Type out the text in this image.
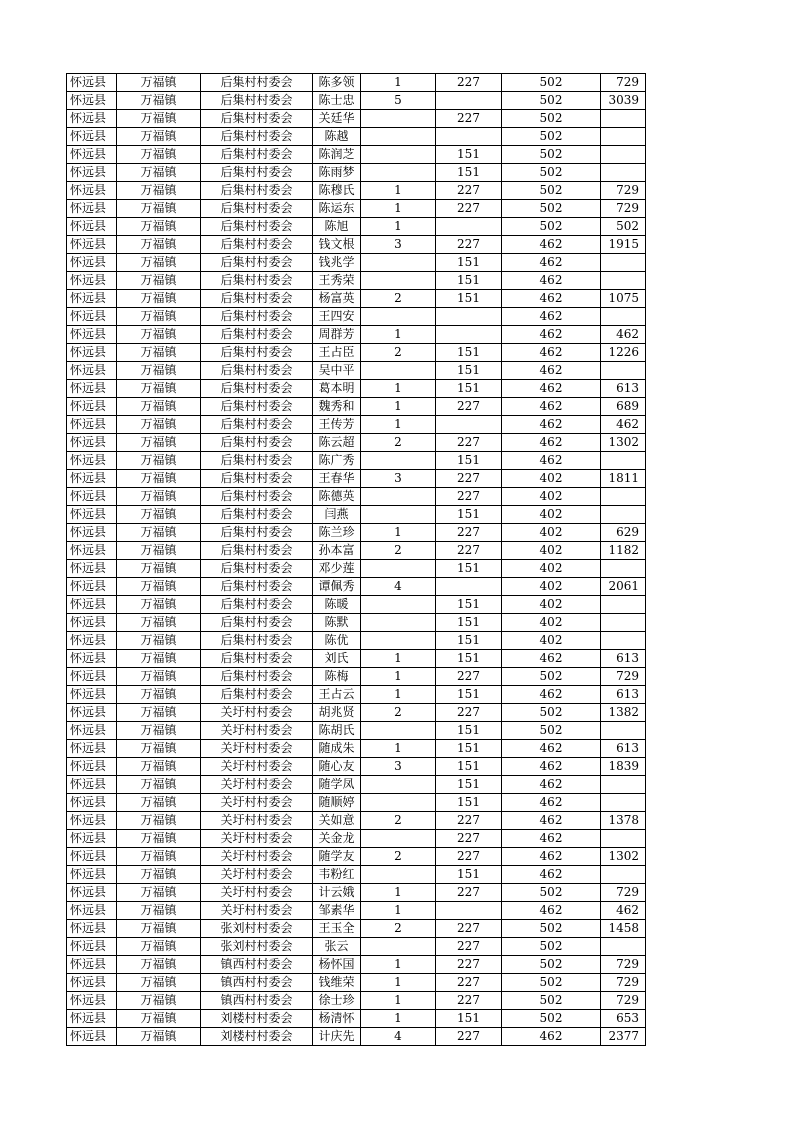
怀远县	万福镇	后集村村委会	陈多领	1	227	502	729
怀远县	万福镇	后集村村委会	陈士忠	5		502	3039
怀远县	万福镇	后集村村委会	关廷华		227	502	
怀远县	万福镇	后集村村委会	陈越			502	
怀远县	万福镇	后集村村委会	陈润芝		151	502	
怀远县	万福镇	后集村村委会	陈雨梦		151	502	
怀远县	万福镇	后集村村委会	陈穆氏	1	227	502	729
怀远县	万福镇	后集村村委会	陈运东	1	227	502	729
怀远县	万福镇	后集村村委会	陈旭	1		502	502
怀远县	万福镇	后集村村委会	钱文根	3	227	462	1915
怀远县	万福镇	后集村村委会	钱兆学		151	462	
怀远县	万福镇	后集村村委会	王秀荣		151	462	
怀远县	万福镇	后集村村委会	杨富英	2	151	462	1075
怀远县	万福镇	后集村村委会	王四安			462	
怀远县	万福镇	后集村村委会	周群芳	1		462	462
怀远县	万福镇	后集村村委会	王占臣	2	151	462	1226
怀远县	万福镇	后集村村委会	吴中平		151	462	
怀远县	万福镇	后集村村委会	葛本明	1	151	462	613
怀远县	万福镇	后集村村委会	魏秀和	1	227	462	689
怀远县	万福镇	后集村村委会	王传芳	1		462	462
怀远县	万福镇	后集村村委会	陈云超	2	227	462	1302
怀远县	万福镇	后集村村委会	陈广秀		151	462	
怀远县	万福镇	后集村村委会	王春华	3	227	402	1811
怀远县	万福镇	后集村村委会	陈德英		227	402	
怀远县	万福镇	后集村村委会	闫燕		151	402	
怀远县	万福镇	后集村村委会	陈兰珍	1	227	402	629
怀远县	万福镇	后集村村委会	孙本富	2	227	402	1182
怀远县	万福镇	后集村村委会	邓少莲		151	402	
怀远县	万福镇	后集村村委会	谭佩秀	4		402	2061
怀远县	万福镇	后集村村委会	陈暖		151	402	
怀远县	万福镇	后集村村委会	陈默		151	402	
怀远县	万福镇	后集村村委会	陈优		151	402	
怀远县	万福镇	后集村村委会	刘氏	1	151	462	613
怀远县	万福镇	后集村村委会	陈梅	1	227	502	729
怀远县	万福镇	后集村村委会	王占云	1	151	462	613
怀远县	万福镇	关圩村村委会	胡兆贤	2	227	502	1382
怀远县	万福镇	关圩村村委会	陈胡氏		151	502	
怀远县	万福镇	关圩村村委会	随成朱	1	151	462	613
怀远县	万福镇	关圩村村委会	随心友	3	151	462	1839
怀远县	万福镇	关圩村村委会	随学凤		151	462	
怀远县	万福镇	关圩村村委会	随顺婷		151	462	
怀远县	万福镇	关圩村村委会	关如意	2	227	462	1378
怀远县	万福镇	关圩村村委会	关金龙		227	462	
怀远县	万福镇	关圩村村委会	随学友	2	227	462	1302
怀远县	万福镇	关圩村村委会	韦粉红		151	462	
怀远县	万福镇	关圩村村委会	计云娥	1	227	502	729
怀远县	万福镇	关圩村村委会	邹素华	1		462	462
怀远县	万福镇	张刘村村委会	王玉全	2	227	502	1458
怀远县	万福镇	张刘村村委会	张云		227	502	
怀远县	万福镇	镇西村村委会	杨怀国	1	227	502	729
怀远县	万福镇	镇西村村委会	钱维荣	1	227	502	729
怀远县	万福镇	镇西村村委会	徐士珍	1	227	502	729
怀远县	万福镇	刘楼村村委会	杨清怀	1	151	502	653
怀远县	万福镇	刘楼村村委会	计庆先	4	227	462	2377
